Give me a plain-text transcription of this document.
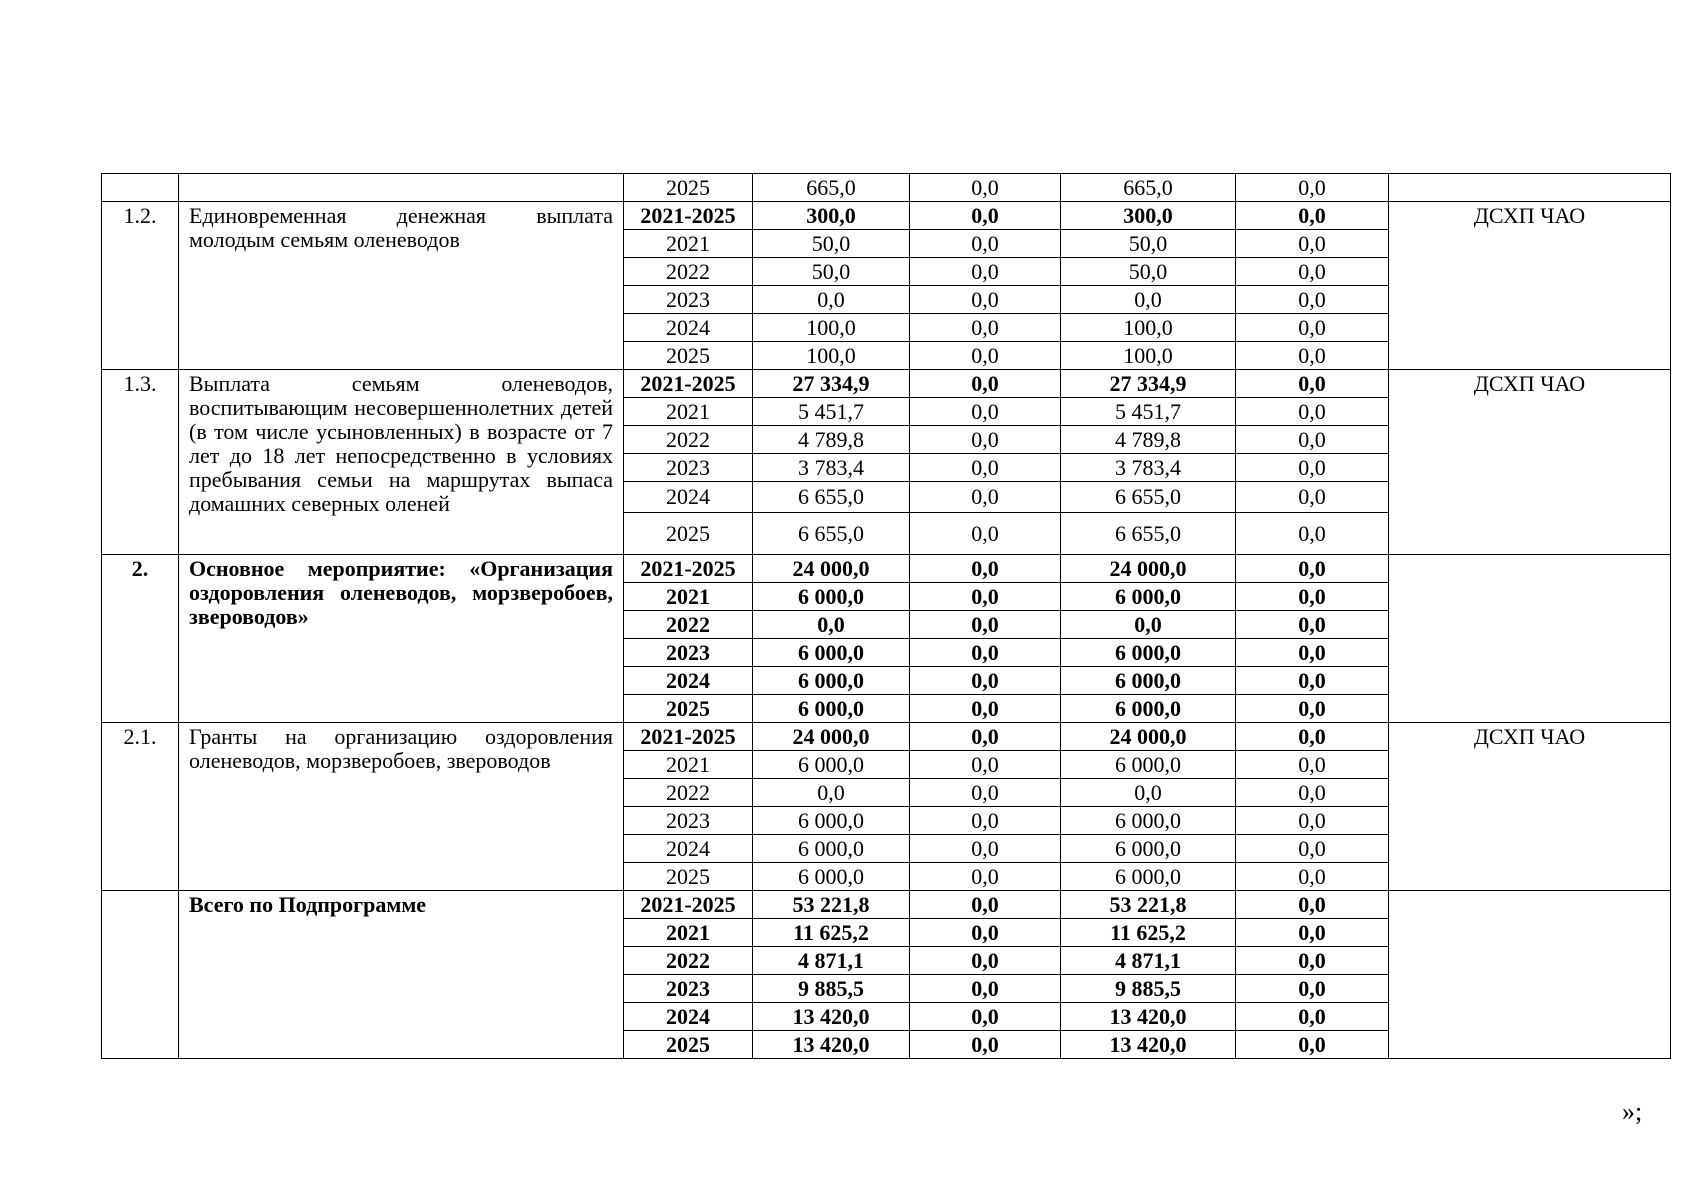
		2025	665,0	0,0	665,0	0,0	
1.2.	Единовременная денежная выплата молодым семьям оленеводов	2021-2025	300,0	0,0	300,0	0,0	ДСХП ЧАО
		2021	50,0	0,0	50,0	0,0	
		2022	50,0	0,0	50,0	0,0	
		2023	0,0	0,0	0,0	0,0	
		2024	100,0	0,0	100,0	0,0	
		2025	100,0	0,0	100,0	0,0	
1.3.	Выплата семьям оленеводов, воспитывающим несовершеннолетних детей (в том числе усыновленных) в возрасте от 7 лет до 18 лет непосредственно в условиях пребывания семьи на маршрутах выпаса домашних северных оленей	2021-2025	27 334,9	0,0	27 334,9	0,0	ДСХП ЧАО
		2021	5 451,7	0,0	5 451,7	0,0	
		2022	4 789,8	0,0	4 789,8	0,0	
		2023	3 783,4	0,0	3 783,4	0,0	
		2024	6 655,0	0,0	6 655,0	0,0	
		2025	6 655,0	0,0	6 655,0	0,0	
2.	Основное мероприятие: «Организация оздоровления оленеводов, морзверобоев, звероводов»	2021-2025	24 000,0	0,0	24 000,0	0,0	
		2021	6 000,0	0,0	6 000,0	0,0	
		2022	0,0	0,0	0,0	0,0	
		2023	6 000,0	0,0	6 000,0	0,0	
		2024	6 000,0	0,0	6 000,0	0,0	
		2025	6 000,0	0,0	6 000,0	0,0	
2.1.	Гранты на организацию оздоровления оленеводов, морзверобоев, звероводов	2021-2025	24 000,0	0,0	24 000,0	0,0	ДСХП ЧАО
		2021	6 000,0	0,0	6 000,0	0,0	
		2022	0,0	0,0	0,0	0,0	
		2023	6 000,0	0,0	6 000,0	0,0	
		2024	6 000,0	0,0	6 000,0	0,0	
		2025	6 000,0	0,0	6 000,0	0,0	
	Всего по Подпрограмме	2021-2025	53 221,8	0,0	53 221,8	0,0	
		2021	11 625,2	0,0	11 625,2	0,0	
		2022	4 871,1	0,0	4 871,1	0,0	
		2023	9 885,5	0,0	9 885,5	0,0	
		2024	13 420,0	0,0	13 420,0	0,0	
		2025	13 420,0	0,0	13 420,0	0,0	
»;
